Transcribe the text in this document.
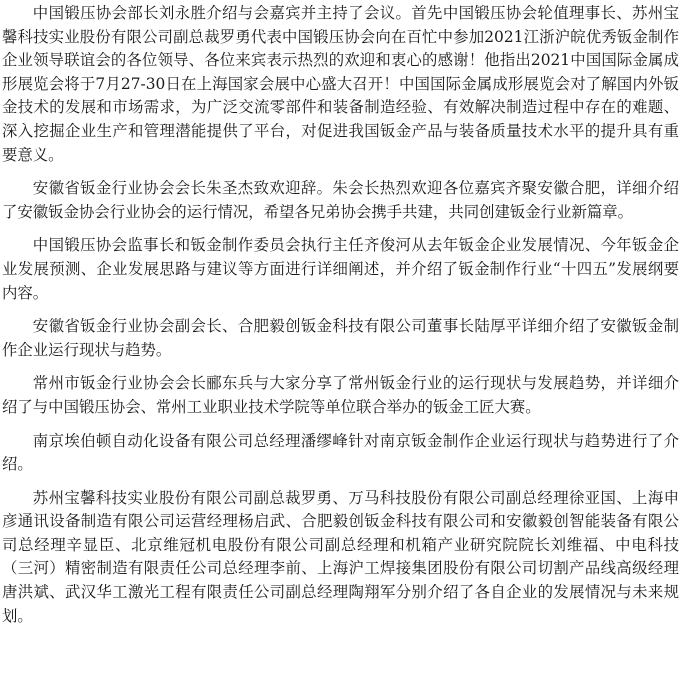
中国锻压协会部长刘永胜介绍与会嘉宾并主持了会议。首先中国锻压协会轮值理事长、苏州宝馨科技实业股份有限公司副总裁罗勇代表中国锻压协会向在百忙中参加2021江浙沪皖优秀钣金制作企业领导联谊会的各位领导、各位来宾表示热烈的欢迎和衷心的感谢！他指出2021中国国际金属成形展览会将于7月27-30日在上海国家会展中心盛大召开！中国国际金属成形展览会对了解国内外钣金技术的发展和市场需求，为广泛交流零部件和装备制造经验、有效解决制造过程中存在的难题、深入挖掘企业生产和管理潜能提供了平台，对促进我国钣金产品与装备质量技术水平的提升具有重要意义。

安徽省钣金行业协会会长朱圣杰致欢迎辞。朱会长热烈欢迎各位嘉宾齐聚安徽合肥，详细介绍了安徽钣金协会行业协会的运行情况，希望各兄弟协会携手共建，共同创建钣金行业新篇章。

中国锻压协会监事长和钣金制作委员会执行主任齐俊河从去年钣金企业发展情况、今年钣金企业发展预测、企业发展思路与建议等方面进行详细阐述，并介绍了钣金制作行业“十四五”发展纲要内容。

安徽省钣金行业协会副会长、合肥毅创钣金科技有限公司董事长陆厚平详细介绍了安徽钣金制作企业运行现状与趋势。

常州市钣金行业协会会长郦东兵与大家分享了常州钣金行业的运行现状与发展趋势，并详细介绍了与中国锻压协会、常州工业职业技术学院等单位联合举办的钣金工匠大赛。

南京埃伯顿自动化设备有限公司总经理潘缪峰针对南京钣金制作企业运行现状与趋势进行了介绍。

苏州宝馨科技实业股份有限公司副总裁罗勇、万马科技股份有限公司副总经理徐亚国、上海申彦通讯设备制造有限公司运营经理杨启武、合肥毅创钣金科技有限公司和安徽毅创智能装备有限公司总经理辛显臣、北京维冠机电股份有限公司副总经理和机箱产业研究院院长刘维福、中电科技（三河）精密制造有限责任公司总经理李前、上海沪工焊接集团股份有限公司切割产品线高级经理唐洪斌、武汉华工激光工程有限责任公司副总经理陶翔军分别介绍了各自企业的发展情况与未来规划。
